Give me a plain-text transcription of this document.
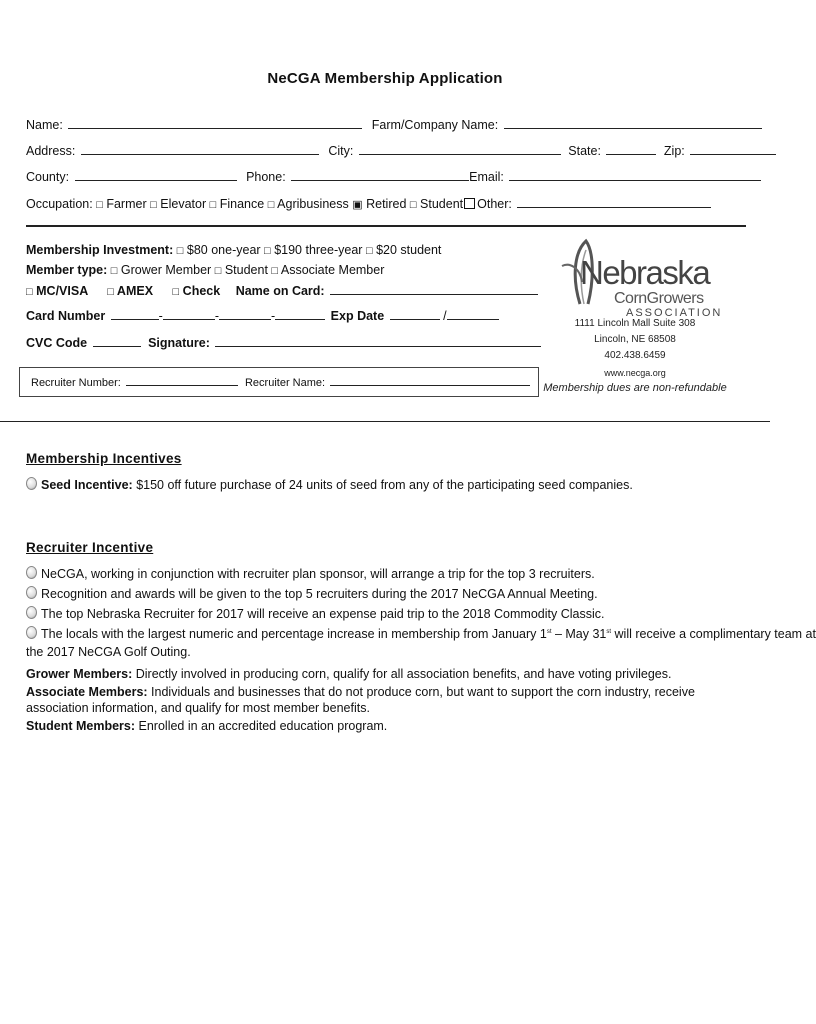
NeCGA Membership Application
Name:	Farm/Company Name:
Address:	City:	State:	Zip:
County:	Phone:	Email:
Occupation: □ Farmer □ Elevator □ Finance □ Agribusiness ▣ Retired □ Student Other:
Membership Investment: □ $80 one-year □ $190 three-year □ $20 student
Member type: □ Grower Member □ Student □ Associate Member
□ MC/VISA □ AMEX □ Check Name on Card:
Card Number	-	-	-	Exp Date	/
CVC Code	Signature:
Recruiter Number:	Recruiter Name:
Nebraska
CornGrowers
ASSOCIATION
1111 Lincoln Mall Suite 308
Lincoln, NE 68508
402.438.6459
www.necga.org
Membership dues are non-refundable
Membership Incentives
Seed Incentive: $150 off future purchase of 24 units of seed from any of the participating seed companies.
Recruiter Incentive
NeCGA, working in conjunction with recruiter plan sponsor, will arrange a trip for the top 3 recruiters.
Recognition and awards will be given to the top 5 recruiters during the 2017 NeCGA Annual Meeting.
The top Nebraska Recruiter for 2017 will receive an expense paid trip to the 2018 Commodity Classic.
The locals with the largest numeric and percentage increase in membership from January 1st – May 31st will receive a complimentary team at
the 2017 NeCGA Golf Outing.
Grower Members: Directly involved in producing corn, qualify for all association benefits, and have voting privileges.
Associate Members: Individuals and businesses that do not produce corn, but want to support the corn industry, receive association information, and qualify for most member benefits.
Student Members: Enrolled in an accredited education program.
